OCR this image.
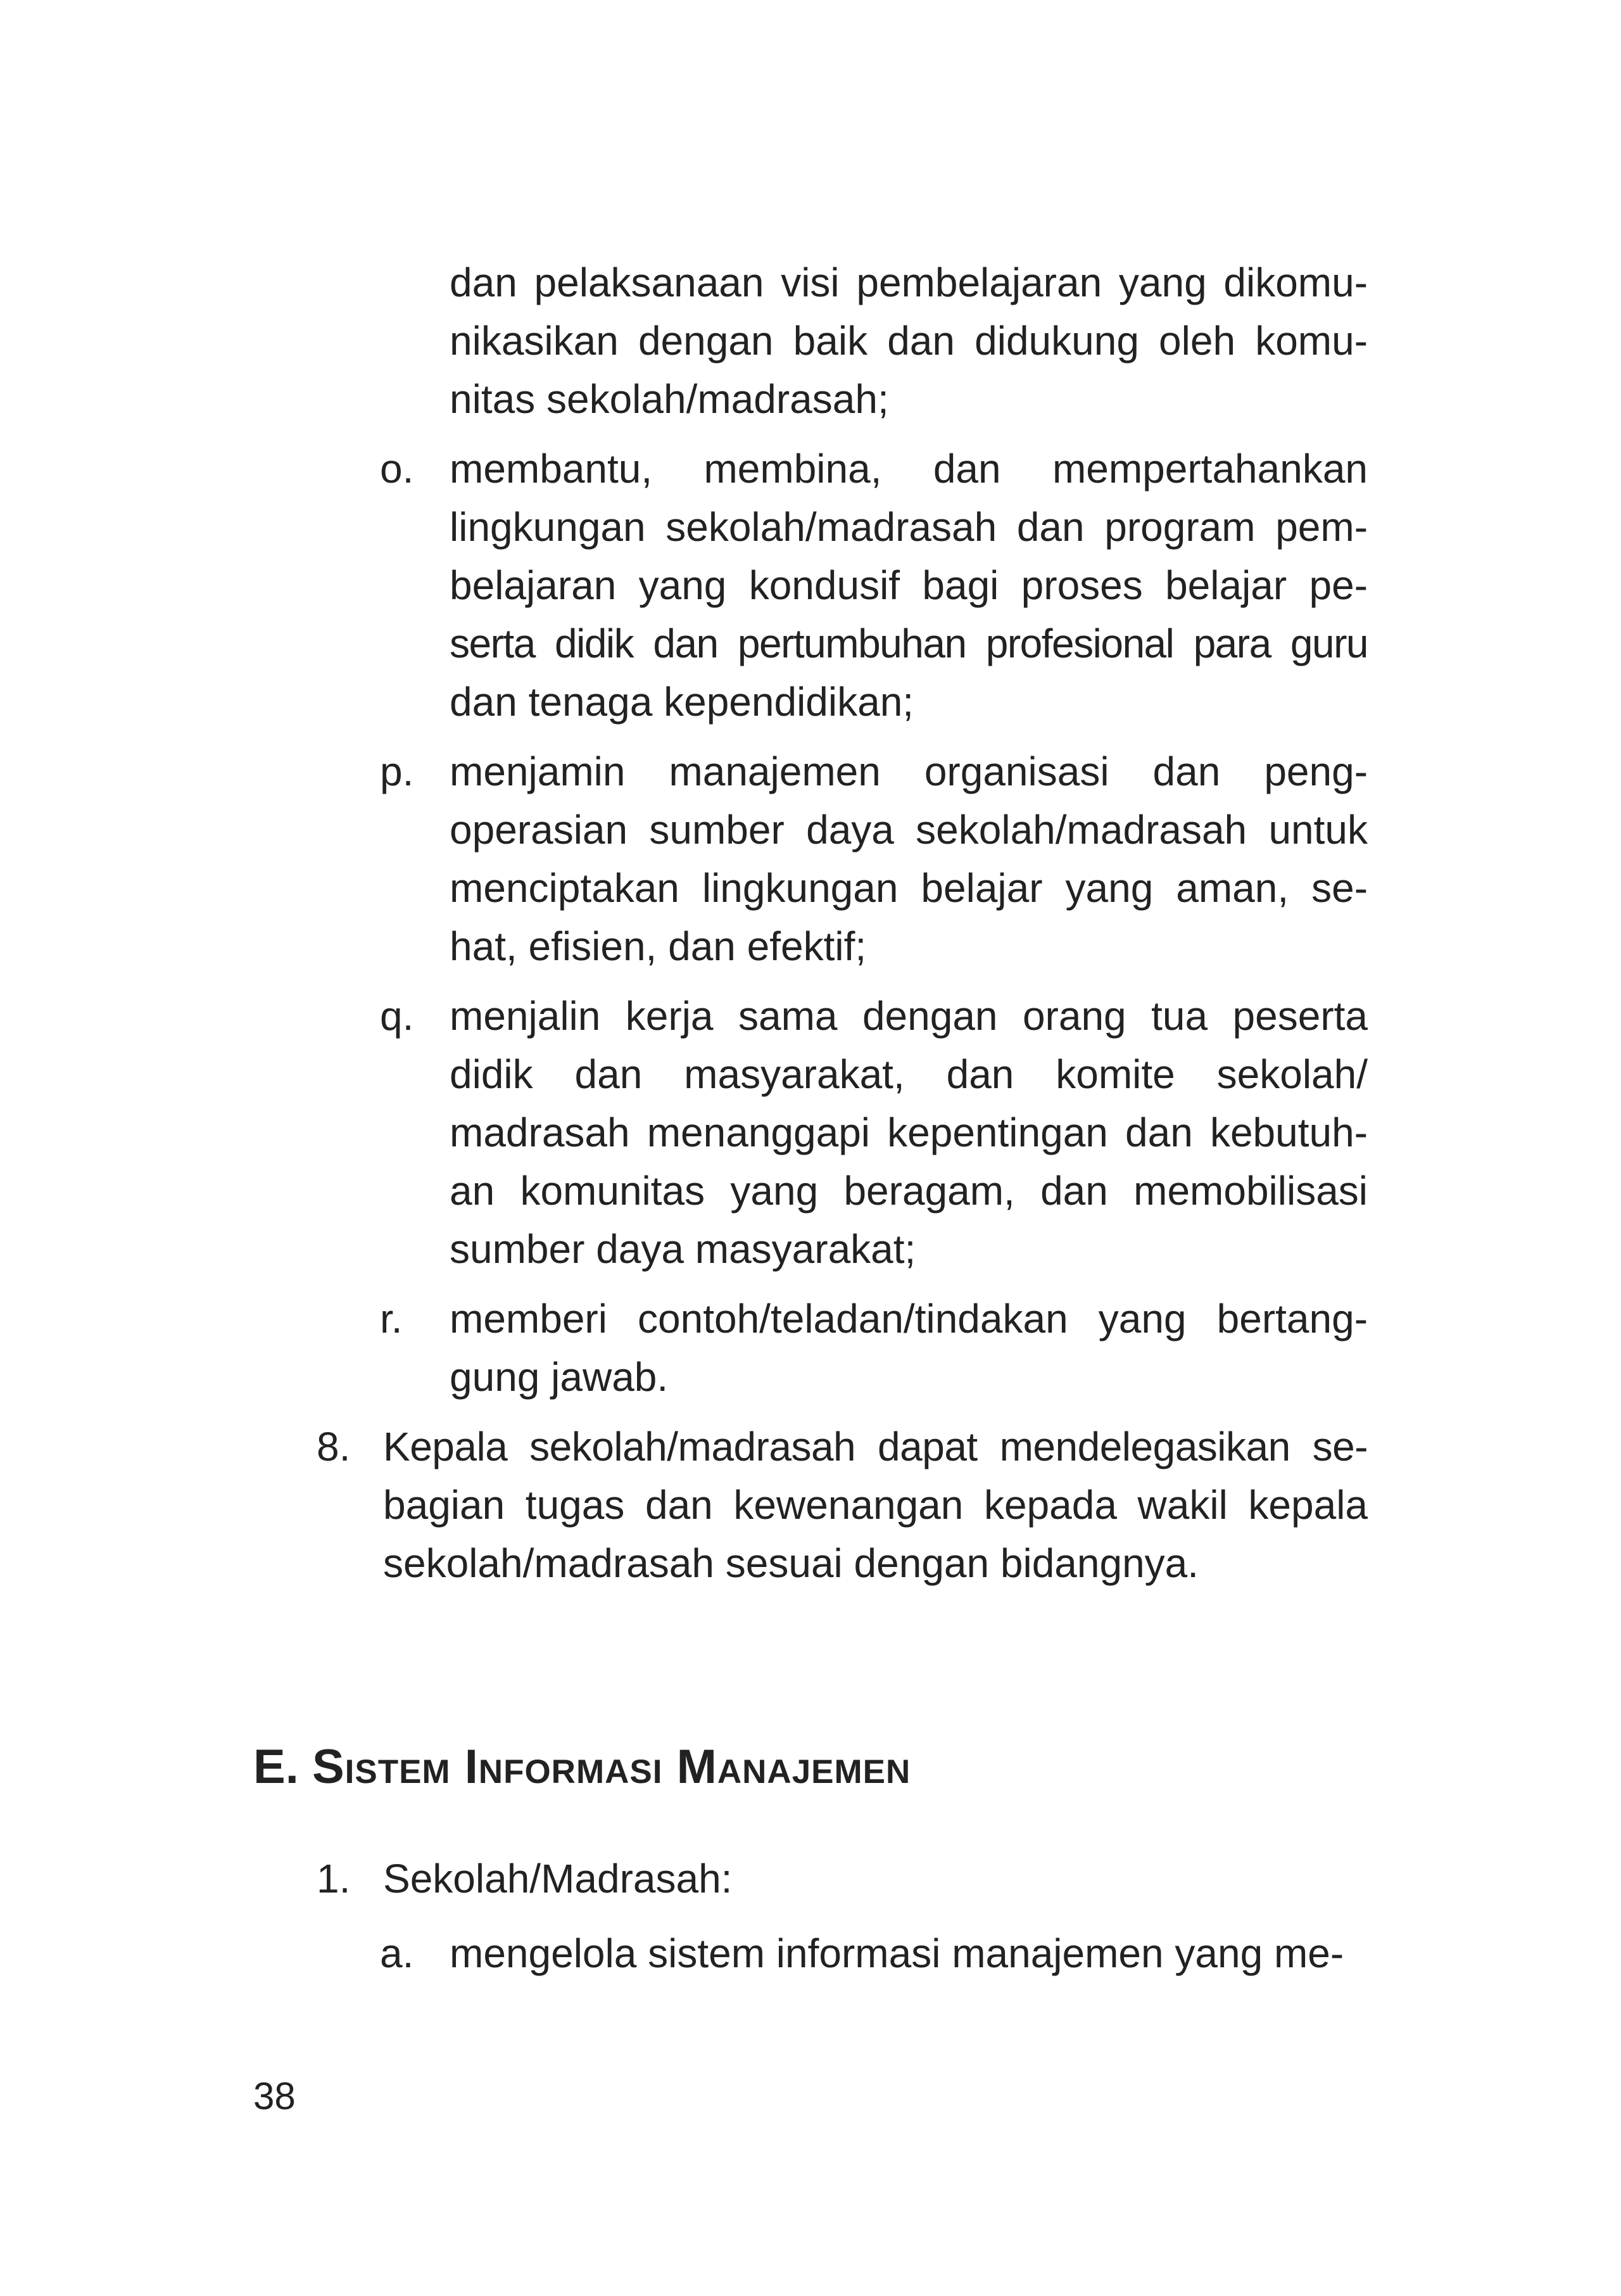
dan pelaksanaan visi pembelajaran yang dikomu-
nikasikan dengan baik dan didukung oleh komu-
nitas sekolah/madrasah;
o. membantu, membina, dan mempertahankan
lingkungan sekolah/madrasah dan program pem-
belajaran yang kondusif bagi proses belajar pe-
serta didik dan pertumbuhan profesional para guru
dan tenaga kependidikan;
p. menjamin manajemen organisasi dan peng-
operasian sumber daya sekolah/madrasah untuk
menciptakan lingkungan belajar yang aman, se-
hat, efisien, dan efektif;
q. menjalin kerja sama dengan orang tua peserta
didik dan masyarakat, dan komite sekolah/
madrasah menanggapi kepentingan dan kebutuh-
an komunitas yang beragam, dan memobilisasi
sumber daya masyarakat;
r. memberi contoh/teladan/tindakan yang bertang-
gung jawab.
8. Kepala sekolah/madrasah dapat mendelegasikan se-
bagian tugas dan kewenangan kepada wakil kepala
sekolah/madrasah sesuai dengan bidangnya.
E. Sistem Informasi Manajemen
1. Sekolah/Madrasah:
a. mengelola sistem informasi manajemen yang me-
38
